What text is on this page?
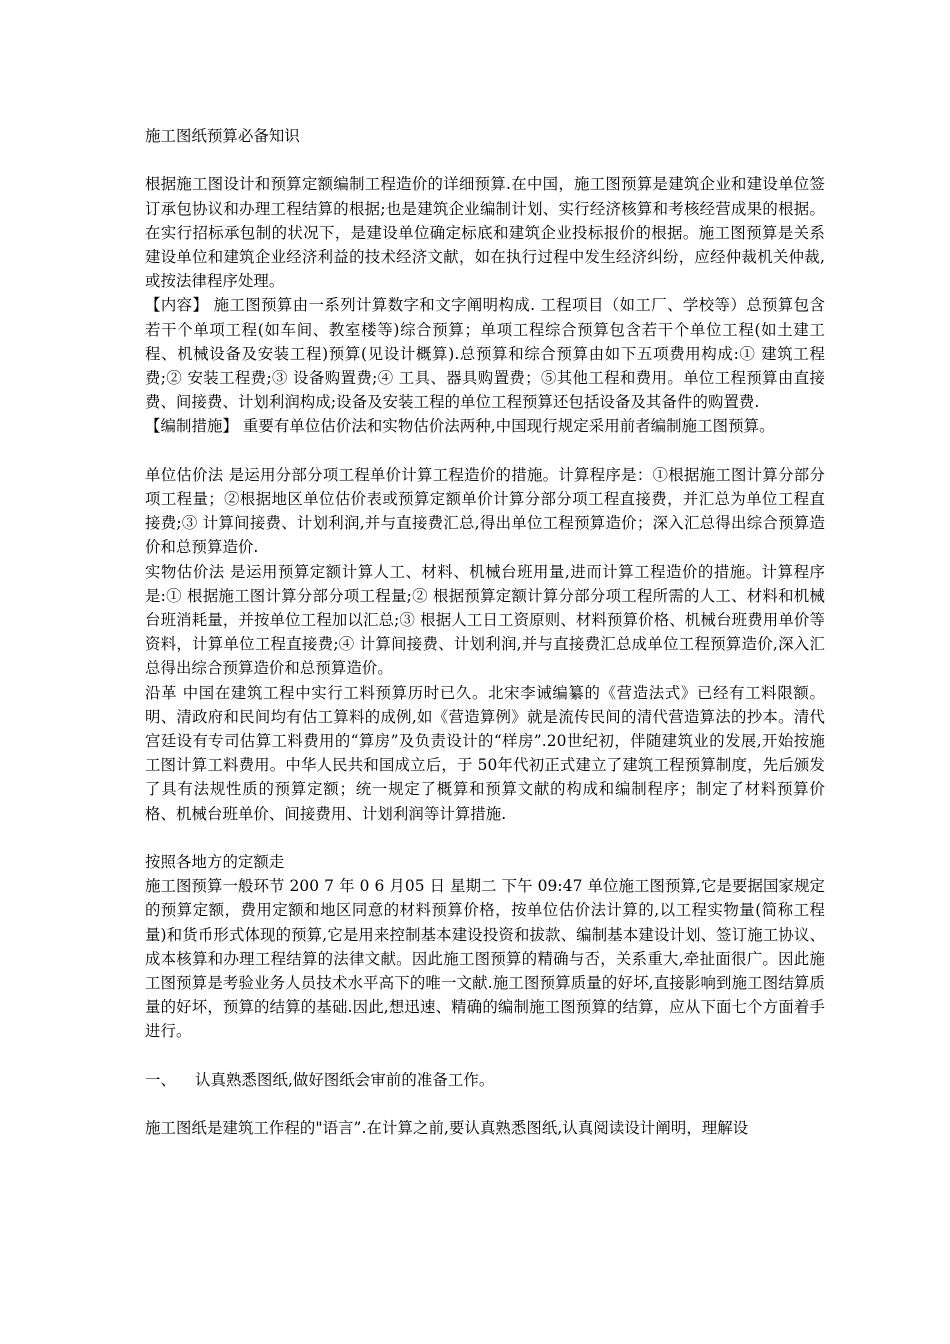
施工图纸预算必备知识

根据施工图设计和预算定额编制工程造价的详细预算.在中国，施工图预算是建筑企业和建设单位签订承包协议和办理工程结算的根据;也是建筑企业编制计划、实行经济核算和考核经营成果的根据。在实行招标承包制的状况下，是建设单位确定标底和建筑企业投标报价的根据。施工图预算是关系建设单位和建筑企业经济利益的技术经济文献，如在执行过程中发生经济纠纷，应经仲裁机关仲裁,或按法律程序处理。

【内容】 施工图预算由一系列计算数字和文字阐明构成. 工程项目（如工厂、学校等）总预算包含若干个单项工程(如车间、教室楼等)综合预算；单项工程综合预算包含若干个单位工程(如土建工程、机械设备及安装工程)预算(见设计概算).总预算和综合预算由如下五项费用构成:① 建筑工程费;② 安装工程费;③ 设备购置费;④ 工具、器具购置费；⑤其他工程和费用。单位工程预算由直接费、间接费、计划利润构成;设备及安装工程的单位工程预算还包括设备及其备件的购置费.

【编制措施】 重要有单位估价法和实物估价法两种,中国现行规定采用前者编制施工图预算。

单位估价法 是运用分部分项工程单价计算工程造价的措施。计算程序是：①根据施工图计算分部分项工程量；②根据地区单位估价表或预算定额单价计算分部分项工程直接费，并汇总为单位工程直接费;③ 计算间接费、计划利润,并与直接费汇总,得出单位工程预算造价；深入汇总得出综合预算造价和总预算造价.

实物估价法 是运用预算定额计算人工、材料、机械台班用量,进而计算工程造价的措施。计算程序是:① 根据施工图计算分部分项工程量;② 根据预算定额计算分部分项工程所需的人工、材料和机械台班消耗量，并按单位工程加以汇总;③ 根据人工日工资原则、材料预算价格、机械台班费用单价等资料，计算单位工程直接费;④ 计算间接费、计划利润,并与直接费汇总成单位工程预算造价,深入汇总得出综合预算造价和总预算造价。

沿革 中国在建筑工程中实行工料预算历时已久。北宋李诫编纂的《营造法式》已经有工料限额。明、清政府和民间均有估工算料的成例,如《营造算例》就是流传民间的清代营造算法的抄本。清代宫廷设有专司估算工料费用的“算房”及负责设计的“样房”.20世纪初，伴随建筑业的发展,开始按施工图计算工料费用。中华人民共和国成立后，于 50年代初正式建立了建筑工程预算制度，先后颁发了具有法规性质的预算定额；统一规定了概算和预算文献的构成和编制程序；制定了材料预算价格、机械台班单价、间接费用、计划利润等计算措施.

按照各地方的定额走

施工图预算一般环节 200 7 年 0 6 月05 日 星期二 下午 09:47 单位施工图预算,它是要据国家规定的预算定额，费用定额和地区同意的材料预算价格，按单位估价法计算的,以工程实物量(简称工程量)和货币形式体现的预算,它是用来控制基本建设投资和拔款、编制基本建设计划、签订施工协议、成本核算和办理工程结算的法律文献。因此施工图预算的精确与否，关系重大,牵扯面很广。因此施工图预算是考验业务人员技术水平高下的唯一文献.施工图预算质量的好坏,直接影响到施工图结算质量的好坏，预算的结算的基础.因此,想迅速、精确的编制施工图预算的结算，应从下面七个方面着手进行。

一、 认真熟悉图纸,做好图纸会审前的准备工作。

施工图纸是建筑工作程的"语言”.在计算之前,要认真熟悉图纸,认真阅读设计阐明，理解设
